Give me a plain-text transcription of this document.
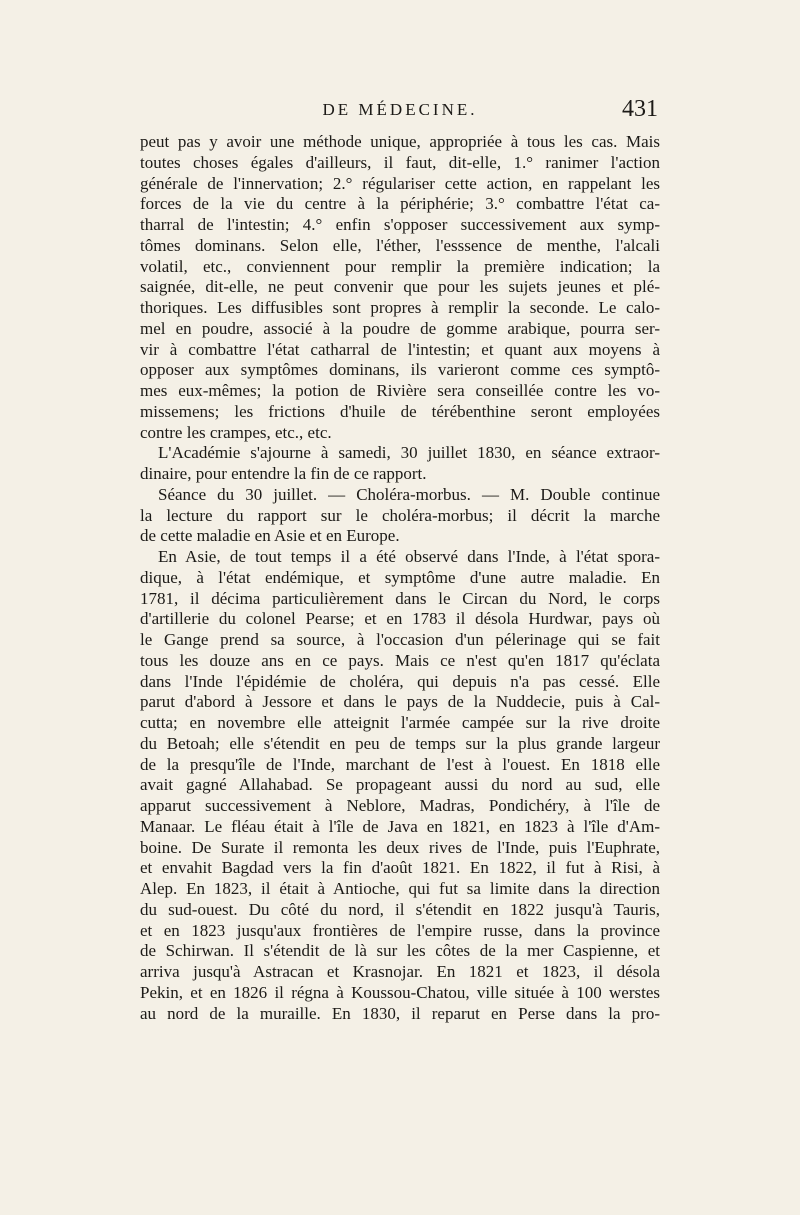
DE MÉDECINE.	431
peut pas y avoir une méthode unique, appropriée à tous les cas. Mais
toutes choses égales d'ailleurs, il faut, dit-elle, 1.° ranimer l'action
générale de l'innervation; 2.° régulariser cette action, en rappelant les
forces de la vie du centre à la périphérie; 3.° combattre l'état ca-
tharral de l'intestin; 4.° enfin s'opposer successivement aux symp-
tômes dominans. Selon elle, l'éther, l'esssence de menthe, l'alcali
volatil, etc., conviennent pour remplir la première indication; la
saignée, dit-elle, ne peut convenir que pour les sujets jeunes et plé-
thoriques. Les diffusibles sont propres à remplir la seconde. Le calo-
mel en poudre, associé à la poudre de gomme arabique, pourra ser-
vir à combattre l'état catharral de l'intestin; et quant aux moyens à
opposer aux symptômes dominans, ils varieront comme ces symptô-
mes eux-mêmes; la potion de Rivière sera conseillée contre les vo-
missemens; les frictions d'huile de térébenthine seront employées
contre les crampes, etc., etc.
L'Académie s'ajourne à samedi, 30 juillet 1830, en séance extraor-
dinaire, pour entendre la fin de ce rapport.
Séance du 30 juillet. — Choléra-morbus. — M. Double continue
la lecture du rapport sur le choléra-morbus; il décrit la marche
de cette maladie en Asie et en Europe.
En Asie, de tout temps il a été observé dans l'Inde, à l'état spora-
dique, à l'état endémique, et symptôme d'une autre maladie. En
1781, il décima particulièrement dans le Circan du Nord, le corps
d'artillerie du colonel Pearse; et en 1783 il désola Hurdwar, pays où
le Gange prend sa source, à l'occasion d'un pélerinage qui se fait
tous les douze ans en ce pays. Mais ce n'est qu'en 1817 qu'éclata
dans l'Inde l'épidémie de choléra, qui depuis n'a pas cessé. Elle
parut d'abord à Jessore et dans le pays de la Nuddecie, puis à Cal-
cutta; en novembre elle atteignit l'armée campée sur la rive droite
du Betoah; elle s'étendit en peu de temps sur la plus grande largeur
de la presqu'île de l'Inde, marchant de l'est à l'ouest. En 1818 elle
avait gagné Allahabad. Se propageant aussi du nord au sud, elle
apparut successivement à Neblore, Madras, Pondichéry, à l'île de
Manaar. Le fléau était à l'île de Java en 1821, en 1823 à l'île d'Am-
boine. De Surate il remonta les deux rives de l'Inde, puis l'Euphrate,
et envahit Bagdad vers la fin d'août 1821. En 1822, il fut à Risi, à
Alep. En 1823, il était à Antioche, qui fut sa limite dans la direction
du sud-ouest. Du côté du nord, il s'étendit en 1822 jusqu'à Tauris,
et en 1823 jusqu'aux frontières de l'empire russe, dans la province
de Schirwan. Il s'étendit de là sur les côtes de la mer Caspienne, et
arriva jusqu'à Astracan et Krasnojar. En 1821 et 1823, il désola
Pekin, et en 1826 il régna à Koussou-Chatou, ville située à 100 werstes
au nord de la muraille. En 1830, il reparut en Perse dans la pro-
